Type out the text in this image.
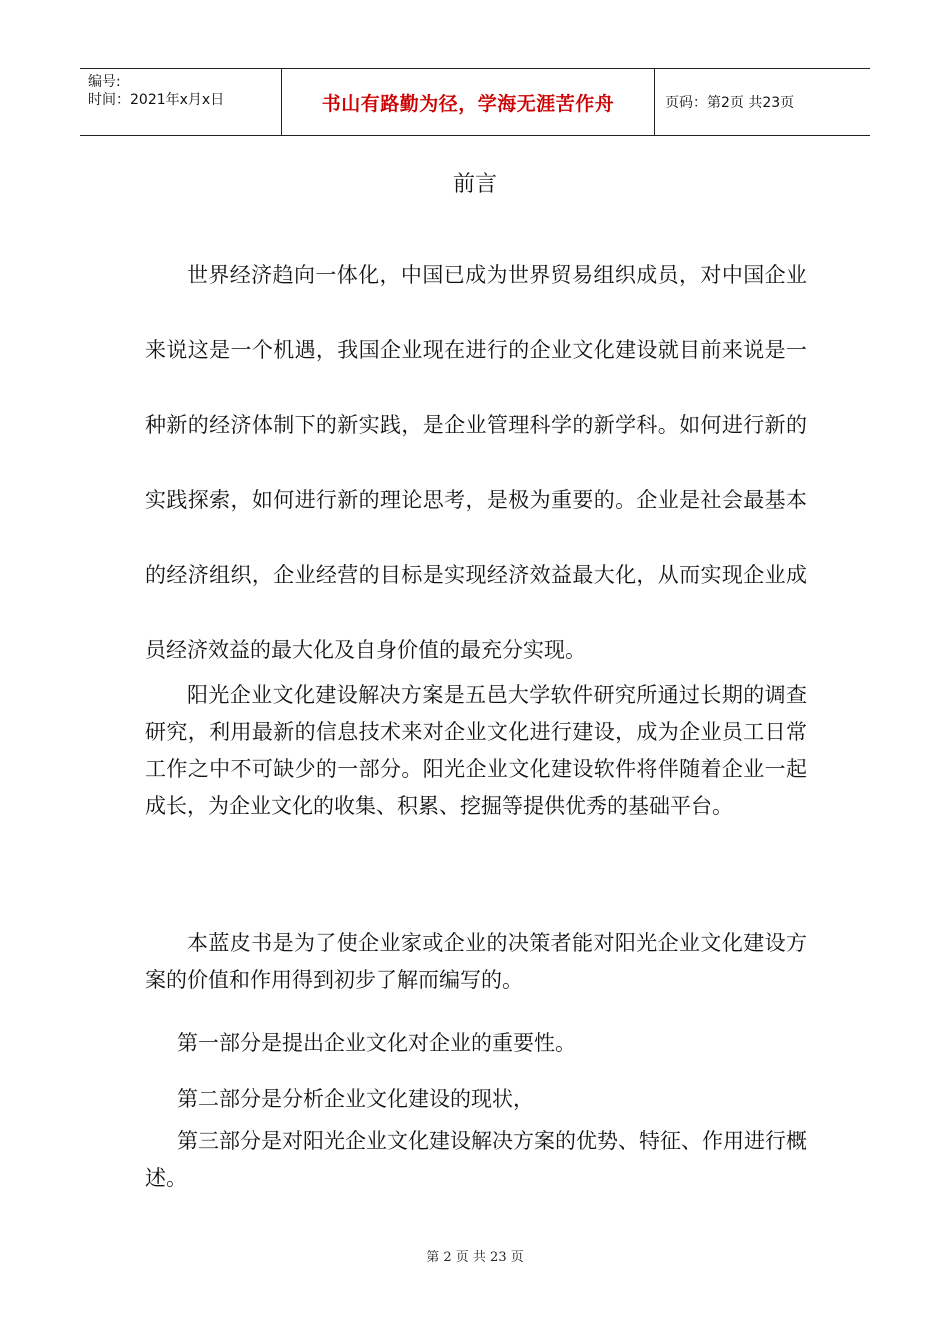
编号:
时间：2021年x月x日	书山有路勤为径，学海无涯苦作舟	页码：第2页 共23页
前言

世界经济趋向一体化，中国已成为世界贸易组织成员，对中国企业来说这是一个机遇，我国企业现在进行的企业文化建设就目前来说是一种新的经济体制下的新实践，是企业管理科学的新学科。如何进行新的实践探索，如何进行新的理论思考，是极为重要的。企业是社会最基本的经济组织，企业经营的目标是实现经济效益最大化，从而实现企业成员经济效益的最大化及自身价值的最充分实现。

阳光企业文化建设解决方案是五邑大学软件研究所通过长期的调查研究，利用最新的信息技术来对企业文化进行建设，成为企业员工日常工作之中不可缺少的一部分。阳光企业文化建设软件将伴随着企业一起成长，为企业文化的收集、积累、挖掘等提供优秀的基础平台。

本蓝皮书是为了使企业家或企业的决策者能对阳光企业文化建设方案的价值和作用得到初步了解而编写的。

第一部分是提出企业文化对企业的重要性。

第二部分是分析企业文化建设的现状，

第三部分是对阳光企业文化建设解决方案的优势、特征、作用进行概述。

第 2 页 共 23 页
